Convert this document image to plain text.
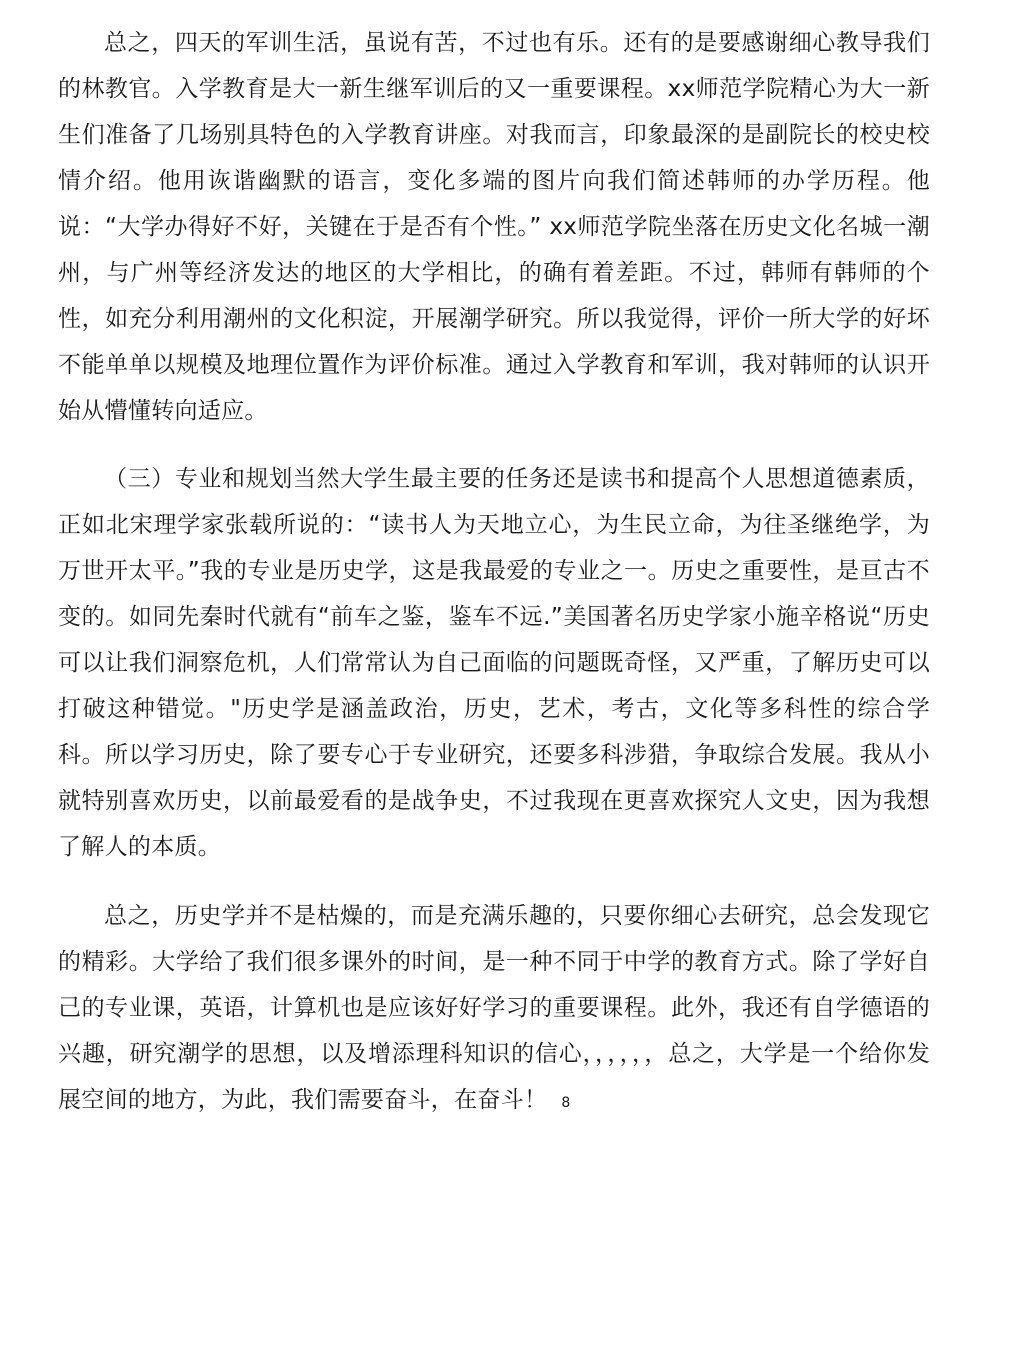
总之，四天的军训生活，虽说有苦，不过也有乐。还有的是要感谢细心教导我们的林教官。入学教育是大一新生继军训后的又一重要课程。xx师范学院精心为大一新生们准备了几场别具特色的入学教育讲座。对我而言，印象最深的是副院长的校史校情介绍。他用诙谐幽默的语言，变化多端的图片向我们简述韩师的办学历程。他说：“大学办得好不好，关键在于是否有个性。” xx师范学院坐落在历史文化名城一潮州，与广州等经济发达的地区的大学相比，的确有着差距。不过，韩师有韩师的个性，如充分利用潮州的文化积淀，开展潮学研究。所以我觉得，评价一所大学的好坏不能单单以规模及地理位置作为评价标准。通过入学教育和军训，我对韩师的认识开始从懵懂转向适应。

（三）专业和规划当然大学生最主要的任务还是读书和提高个人思想道德素质，正如北宋理学家张载所说的：“读书人为天地立心，为生民立命，为往圣继绝学，为万世开太平。”我的专业是历史学，这是我最爱的专业之一。历史之重要性，是亘古不变的。如同先秦时代就有“前车之鉴，鉴车不远.”美国著名历史学家小施辛格说“历史可以让我们洞察危机，人们常常认为自己面临的问题既奇怪，又严重，了解历史可以打破这种错觉。"历史学是涵盖政治，历史，艺术，考古，文化等多科性的综合学科。所以学习历史，除了要专心于专业研究，还要多科涉猎，争取综合发展。我从小就特别喜欢历史，以前最爱看的是战争史，不过我现在更喜欢探究人文史，因为我想了解人的本质。

总之，历史学并不是枯燥的，而是充满乐趣的，只要你细心去研究，总会发现它的精彩。大学给了我们很多课外的时间，是一种不同于中学的教育方式。除了学好自己的专业课，英语，计算机也是应该好好学习的重要课程。此外，我还有自学德语的兴趣，研究潮学的思想，以及增添理科知识的信心，，，，，，总之，大学是一个给你发展空间的地方，为此，我们需要奋斗，在奋斗！ 8
